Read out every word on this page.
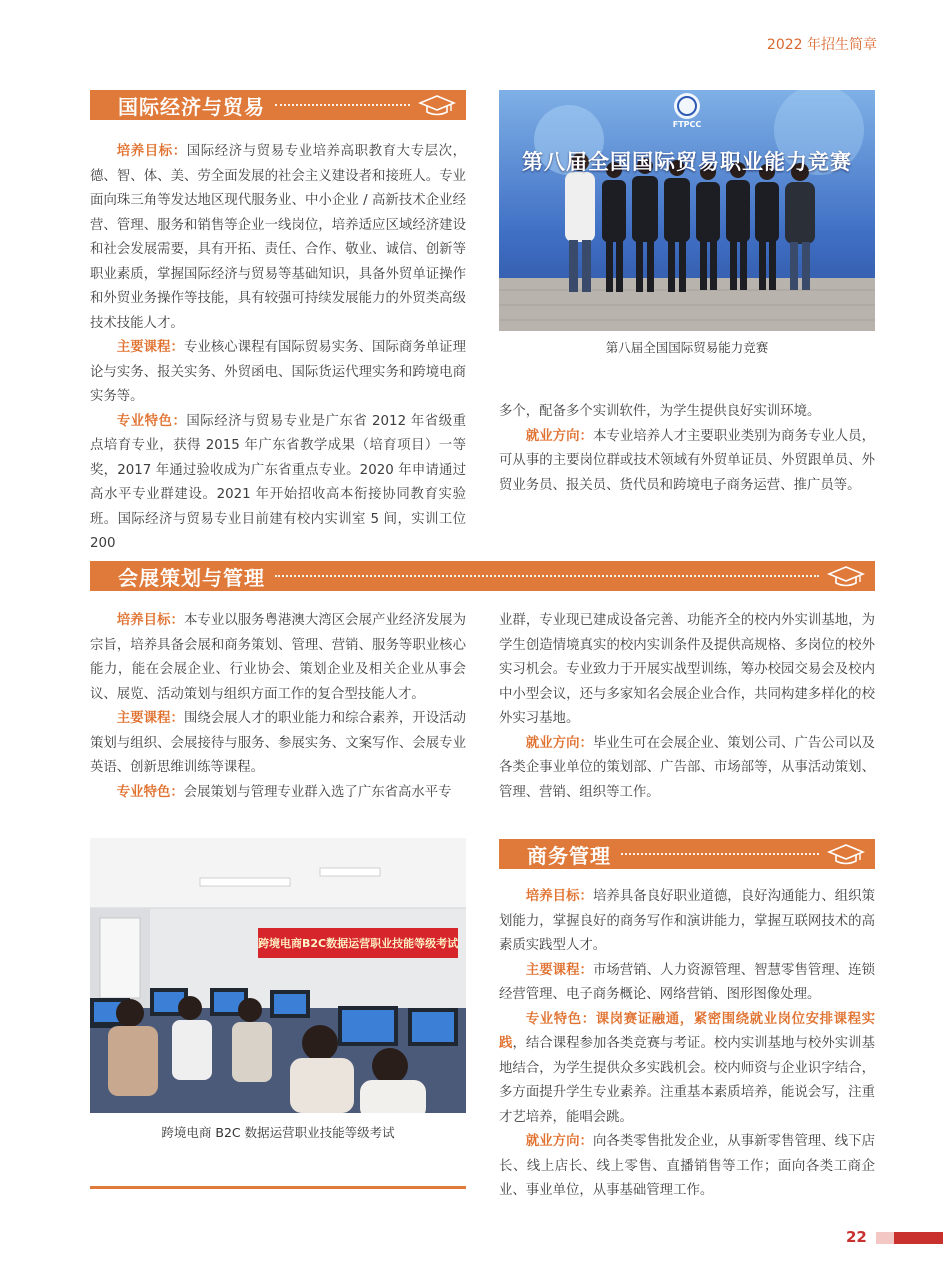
2022 年招生简章
国际经济与贸易

培养目标：国际经济与贸易专业培养高职教育大专层次，德、智、体、美、劳全面发展的社会主义建设者和接班人。专业面向珠三角等发达地区现代服务业、中小企业 / 高新技术企业经营、管理、服务和销售等企业一线岗位，培养适应区域经济建设和社会发展需要，具有开拓、责任、合作、敬业、诚信、创新等职业素质，掌握国际经济与贸易等基础知识，具备外贸单证操作和外贸业务操作等技能，具有较强可持续发展能力的外贸类高级技术技能人才。

主要课程：专业核心课程有国际贸易实务、国际商务单证理论与实务、报关实务、外贸函电、国际货运代理实务和跨境电商实务等。

专业特色：国际经济与贸易专业是广东省 2012 年省级重点培育专业，获得 2015 年广东省教学成果（培育项目）一等奖，2017 年通过验收成为广东省重点专业。2020 年申请通过高水平专业群建设。2021 年开始招收高本衔接协同教育实验班。国际经济与贸易专业目前建有校内实训室 5 间，实训工位 200

第八届全国国际贸易职业能力竞赛
FTPCC
第八届全国国际贸易能力竞赛

多个，配备多个实训软件，为学生提供良好实训环境。

就业方向：本专业培养人才主要职业类别为商务专业人员，可从事的主要岗位群或技术领域有外贸单证员、外贸跟单员、外贸业务员、报关员、货代员和跨境电子商务运营、推广员等。

会展策划与管理

培养目标：本专业以服务粤港澳大湾区会展产业经济发展为宗旨，培养具备会展和商务策划、管理、营销、服务等职业核心能力，能在会展企业、行业协会、策划企业及相关企业从事会议、展览、活动策划与组织方面工作的复合型技能人才。

主要课程：围绕会展人才的职业能力和综合素养，开设活动策划与组织、会展接待与服务、参展实务、文案写作、会展专业英语、创新思维训练等课程。

专业特色：会展策划与管理专业群入选了广东省高水平专

业群，专业现已建成设备完善、功能齐全的校内外实训基地，为学生创造情境真实的校内实训条件及提供高规格、多岗位的校外实习机会。专业致力于开展实战型训练，筹办校园交易会及校内中小型会议，还与多家知名会展企业合作，共同构建多样化的校外实习基地。

就业方向：毕业生可在会展企业、策划公司、广告公司以及各类企事业单位的策划部、广告部、市场部等，从事活动策划、管理、营销、组织等工作。

跨境电商B2C数据运营职业技能等级考试
跨境电商 B2C 数据运营职业技能等级考试
商务管理

培养目标：培养具备良好职业道德，良好沟通能力、组织策划能力，掌握良好的商务写作和演讲能力，掌握互联网技术的高素质实践型人才。

主要课程：市场营销、人力资源管理、智慧零售管理、连锁经营管理、电子商务概论、网络营销、图形图像处理。

专业特色：课岗赛证融通，紧密围绕就业岗位安排课程实践，结合课程参加各类竞赛与考证。校内实训基地与校外实训基地结合，为学生提供众多实践机会。校内师资与企业识字结合，多方面提升学生专业素养。注重基本素质培养，能说会写，注重才艺培养，能唱会跳。

就业方向：向各类零售批发企业，从事新零售管理、线下店长、线上店长、线上零售、直播销售等工作；面向各类工商企业、事业单位，从事基础管理工作。

22
